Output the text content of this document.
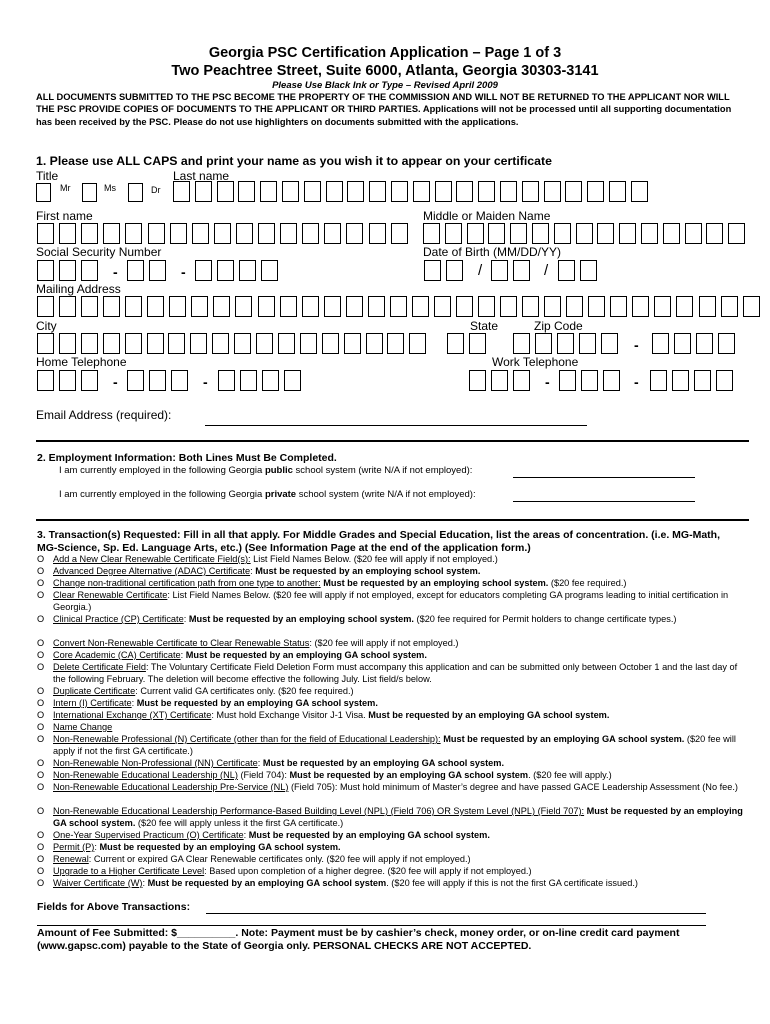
Georgia PSC Certification Application – Page 1 of 3
Two Peachtree Street, Suite 6000, Atlanta, Georgia 30303-3141
Please Use Black Ink or Type – Revised April 2009
ALL DOCUMENTS SUBMITTED TO THE PSC BECOME THE PROPERTY OF THE COMMISSION AND WILL NOT BE RETURNED TO THE APPLICANT NOR WILL THE PSC PROVIDE COPIES OF DOCUMENTS TO THE APPLICANT OR THIRD PARTIES. Applications will not be processed until all supporting documentation has been received by the PSC. Please do not use highlighters on documents submitted with the applications.
1. Please use ALL CAPS and print your name as you wish it to appear on your certificate
Title	Last name
Mr	Ms	Dr
First name	Middle or Maiden Name
Social Security Number	Date of Birth (MM/DD/YY)
-	-	/	/
Mailing Address
City	State	Zip Code
-
Home Telephone	Work Telephone
-	-	-	-
Email Address (required):
2. Employment Information: Both Lines Must Be Completed.
I am currently employed in the following Georgia public school system (write N/A if not employed):
I am currently employed in the following Georgia private school system (write N/A if not employed):
3. Transaction(s) Requested: Fill in all that apply. For Middle Grades and Special Education, list the areas of concentration. (i.e. MG-Math, MG-Science, Sp. Ed. Language Arts, etc.) (See Information Page at the end of the application form.)
O Add a New Clear Renewable Certificate Field(s): List Field Names Below. ($20 fee will apply if not employed.)
O Advanced Degree Alternative (ADAC) Certificate: Must be requested by an employing school system.
O Change non-traditional certification path from one type to another: Must be requested by an employing school system. ($20 fee required.)
O Clear Renewable Certificate: List Field Names Below. ($20 fee will apply if not employed, except for educators completing GA programs leading to initial certification in Georgia.)
O Clinical Practice (CP) Certificate: Must be requested by an employing school system. ($20 fee required for Permit holders to change certificate types.)
O Convert Non-Renewable Certificate to Clear Renewable Status: ($20 fee will apply if not employed.)
O Core Academic (CA) Certificate: Must be requested by an employing GA school system.
O Delete Certificate Field: The Voluntary Certificate Field Deletion Form must accompany this application and can be submitted only between October 1 and the last day of the following February. The deletion will become effective the following July. List field/s below.
O Duplicate Certificate: Current valid GA certificates only. ($20 fee required.)
O Intern (I) Certificate: Must be requested by an employing GA school system.
O International Exchange (XT) Certificate: Must hold Exchange Visitor J-1 Visa. Must be requested by an employing GA school system.
O Name Change
O Non-Renewable Professional (N) Certificate (other than for the field of Educational Leadership): Must be requested by an employing GA school system. ($20 fee will apply if not the first GA certificate.)
O Non-Renewable Non-Professional (NN) Certificate: Must be requested by an employing GA school system.
O Non-Renewable Educational Leadership (NL) (Field 704): Must be requested by an employing GA school system. ($20 fee will apply.)
O Non-Renewable Educational Leadership Pre-Service (NL) (Field 705): Must hold minimum of Master’s degree and have passed GACE Leadership Assessment (No fee.)
O Non-Renewable Educational Leadership Performance-Based Building Level (NPL) (Field 706) OR System Level (NPL) (Field 707): Must be requested by an employing GA school system. ($20 fee will apply unless it the first GA certificate.)
O One-Year Supervised Practicum (O) Certificate: Must be requested by an employing GA school system.
O Permit (P): Must be requested by an employing GA school system.
O Renewal: Current or expired GA Clear Renewable certificates only. ($20 fee will apply if not employed.)
O Upgrade to a Higher Certificate Level: Based upon completion of a higher degree. ($20 fee will apply if not employed.)
O Waiver Certificate (W): Must be requested by an employing GA school system. ($20 fee will apply if this is not the first GA certificate issued.)
Fields for Above Transactions:
Amount of Fee Submitted: $__________. Note: Payment must be by cashier’s check, money order, or on-line credit card payment (www.gapsc.com) payable to the State of Georgia only. PERSONAL CHECKS ARE NOT ACCEPTED.
